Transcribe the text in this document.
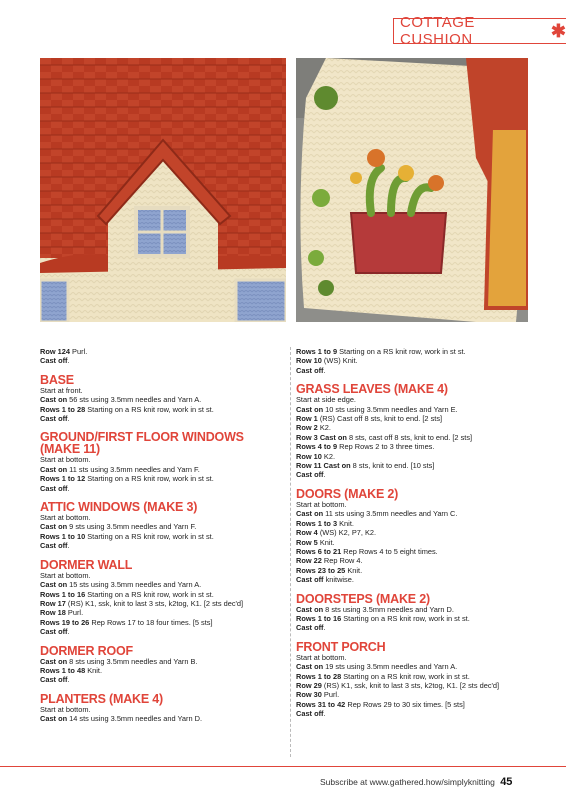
COTTAGE CUSHION	✱

Row 124 Purl.

Cast off.

BASE

Start at front.

Cast on 56 sts using 3.5mm needles and Yarn A.

Rows 1 to 28 Starting on a RS knit row, work in st st.

Cast off.

GROUND/FIRST FLOOR WINDOWS (MAKE 11)

Start at bottom.

Cast on 11 sts using 3.5mm needles and Yarn F.

Rows 1 to 12 Starting on a RS knit row, work in st st.

Cast off.

ATTIC WINDOWS (MAKE 3)

Start at bottom.

Cast on 9 sts using 3.5mm needles and Yarn F.

Rows 1 to 10 Starting on a RS knit row, work in st st.

Cast off.

DORMER WALL

Start at bottom.

Cast on 15 sts using 3.5mm needles and Yarn A.

Rows 1 to 16 Starting on a RS knit row, work in st st.

Row 17 (RS) K1, ssk, knit to last 3 sts, k2tog, K1. [2 sts dec'd]

Row 18 Purl.

Rows 19 to 26 Rep Rows 17 to 18 four times. [5 sts]

Cast off.

DORMER ROOF

Cast on 8 sts using 3.5mm needles and Yarn B.

Rows 1 to 48 Knit.

Cast off.

PLANTERS (MAKE 4)

Start at bottom.

Cast on 14 sts using 3.5mm needles and Yarn D.

Rows 1 to 9 Starting on a RS knit row, work in st st.

Row 10 (WS) Knit.

Cast off.

GRASS LEAVES (MAKE 4)

Start at side edge.

Cast on 10 sts using 3.5mm needles and Yarn E.

Row 1 (RS) Cast off 8 sts, knit to end. [2 sts]

Row 2 K2.

Row 3 Cast on 8 sts, cast off 8 sts, knit to end. [2 sts]

Rows 4 to 9 Rep Rows 2 to 3 three times.

Row 10 K2.

Row 11 Cast on 8 sts, knit to end. [10 sts]

Cast off.

DOORS (MAKE 2)

Start at bottom.

Cast on 11 sts using 3.5mm needles and Yarn C.

Rows 1 to 3 Knit.

Row 4 (WS) K2, P7, K2.

Row 5 Knit.

Rows 6 to 21 Rep Rows 4 to 5 eight times.

Row 22 Rep Row 4.

Rows 23 to 25 Knit.

Cast off knitwise.

DOORSTEPS (MAKE 2)

Cast on 8 sts using 3.5mm needles and Yarn D.

Rows 1 to 16 Starting on a RS knit row, work in st st.

Cast off.

FRONT PORCH

Start at bottom.

Cast on 19 sts using 3.5mm needles and Yarn A.

Rows 1 to 28 Starting on a RS knit row, work in st st.

Row 29 (RS) K1, ssk, knit to last 3 sts, k2tog, K1. [2 sts dec'd]

Row 30 Purl.

Rows 31 to 42 Rep Rows 29 to 30 six times. [5 sts]

Cast off.

Subscribe at www.gathered.how/simplyknitting 45
